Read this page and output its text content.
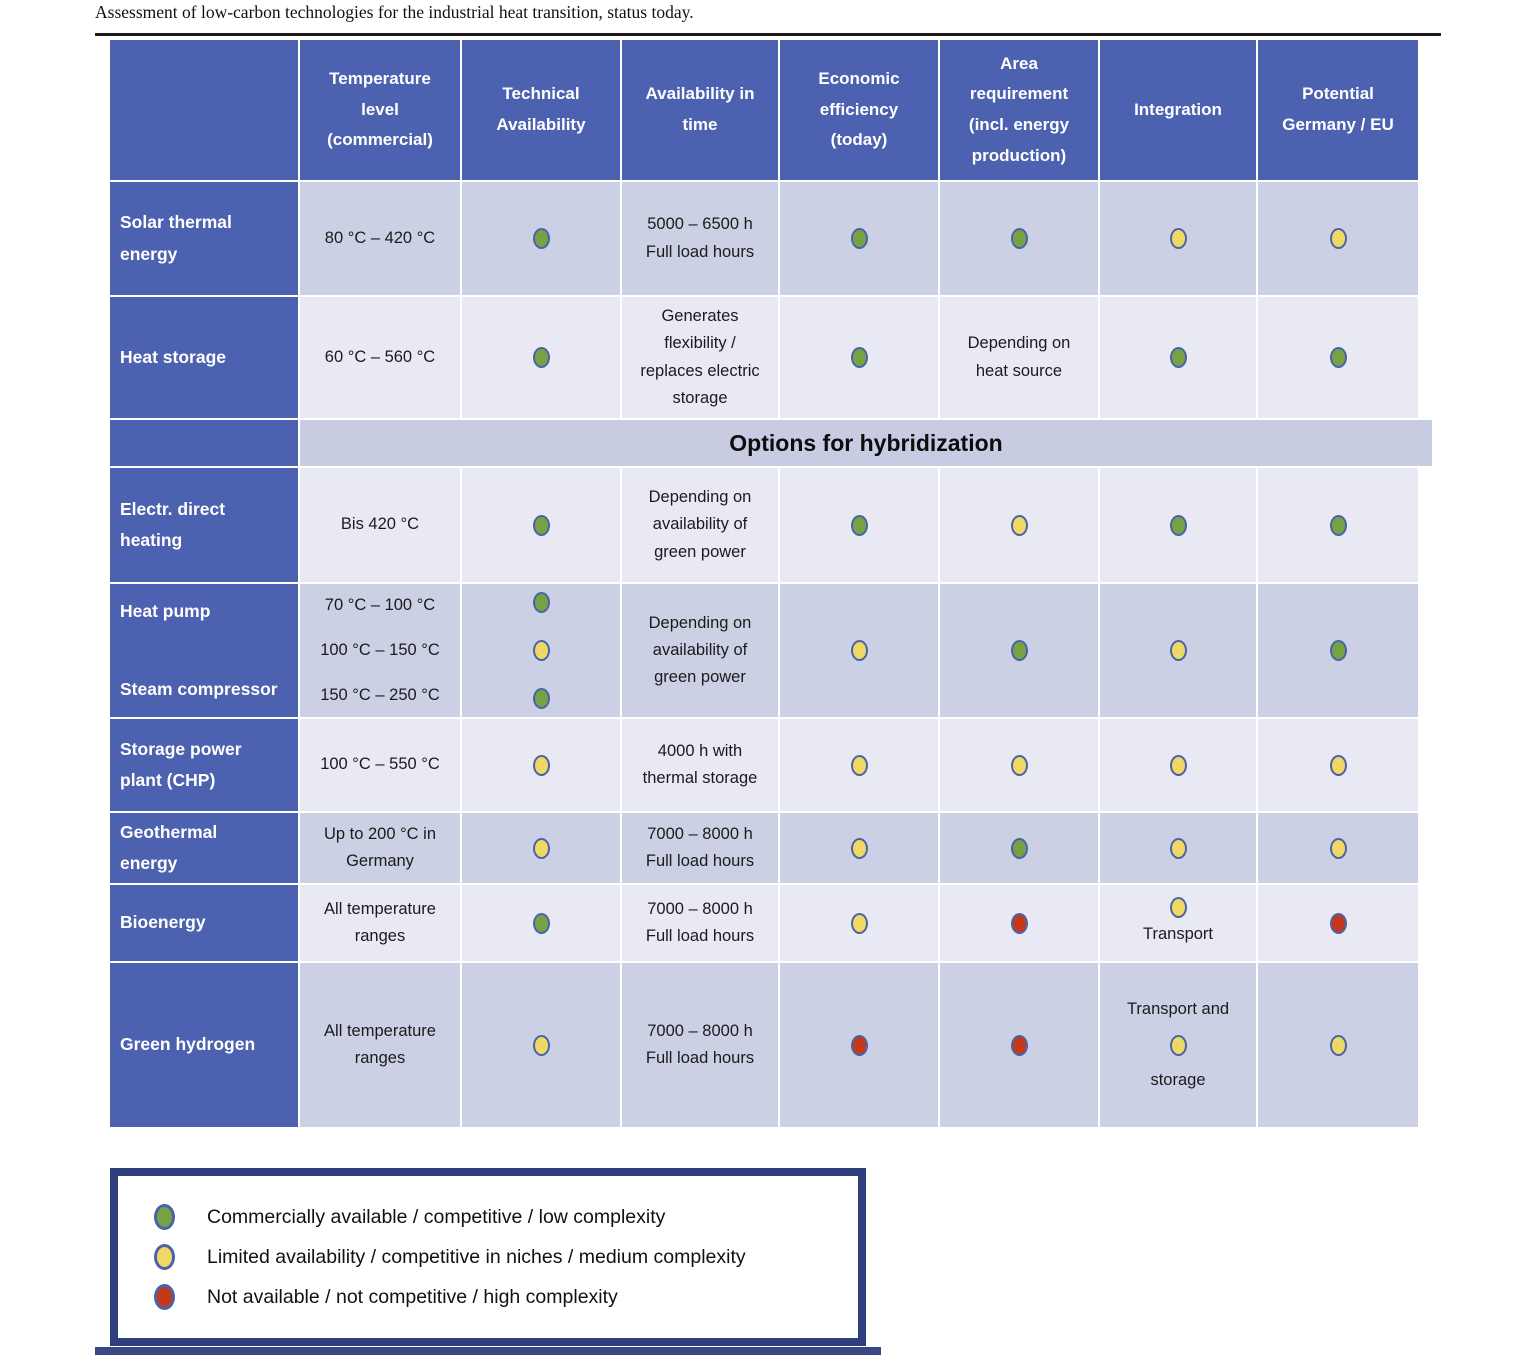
Assessment of low-carbon technologies for the industrial heat transition, status today.
Temperature
level
(commercial)
Technical
Availability
Availability in
time
Economic
efficiency
(today)
Area
requirement
(incl. energy
production)
Integration
Potential
Germany / EU
Solar thermal
energy
80 °C – 420 °C
5000 – 6500 h
Full load hours
Heat storage	60 °C – 560 °C
Generates
flexibility /
replaces electric
storage
Depending on
heat source
Options for hybridization
Electr. direct
heating
Bis 420 °C
Depending on
availability of
green power
Heat pump
Steam compressor
70 °C – 100 °C
100 °C – 150 °C
150 °C – 250 °C
Depending on
availability of
green power
Storage power
plant (CHP)
100 °C – 550 °C
4000 h with
thermal storage
Geothermal
energy
Up to 200 °C in
Germany
7000 – 8000 h
Full load hours
Bioenergy
All temperature
ranges
7000 – 8000 h
Full load hours	Transport
Green hydrogen
All temperature
ranges
7000 – 8000 h
Full load hours
Transport and
storage
Commercially available / competitive / low complexity
Limited availability / competitive in niches / medium complexity
Not available / not competitive / high complexity
